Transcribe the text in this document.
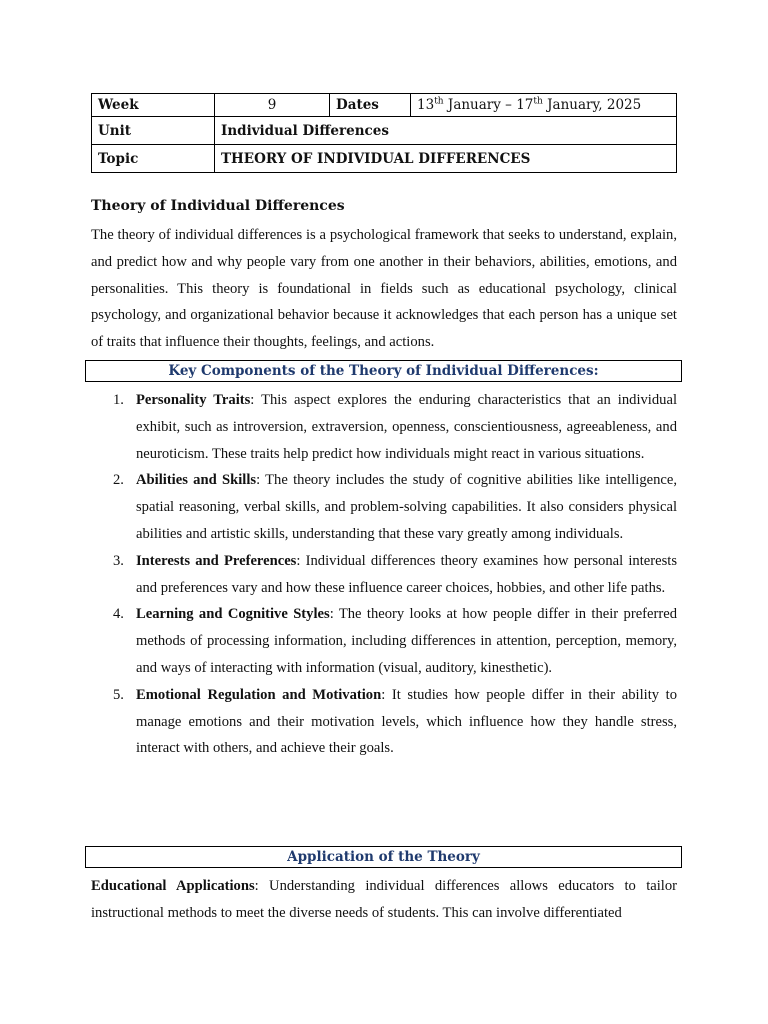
Week	9	Dates	13th January – 17th January, 2025
Unit	Individual Differences		
Topic	THEORY OF INDIVIDUAL DIFFERENCES		
Theory of Individual Differences

The theory of individual differences is a psychological framework that seeks to understand, explain, and predict how and why people vary from one another in their behaviors, abilities, emotions, and personalities. This theory is foundational in fields such as educational psychology, clinical psychology, and organizational behavior because it acknowledges that each person has a unique set of traits that influence their thoughts, feelings, and actions.

Key Components of the Theory of Individual Differences:
1. Personality Traits: This aspect explores the enduring characteristics that an individual exhibit, such as introversion, extraversion, openness, conscientiousness, agreeableness, and neuroticism. These traits help predict how individuals might react in various situations.
2. Abilities and Skills: The theory includes the study of cognitive abilities like intelligence, spatial reasoning, verbal skills, and problem-solving capabilities. It also considers physical abilities and artistic skills, understanding that these vary greatly among individuals.
3. Interests and Preferences: Individual differences theory examines how personal interests and preferences vary and how these influence career choices, hobbies, and other life paths.
4. Learning and Cognitive Styles: The theory looks at how people differ in their preferred methods of processing information, including differences in attention, perception, memory, and ways of interacting with information (visual, auditory, kinesthetic).
5. Emotional Regulation and Motivation: It studies how people differ in their ability to manage emotions and their motivation levels, which influence how they handle stress, interact with others, and achieve their goals.
Application of the Theory

Educational Applications: Understanding individual differences allows educators to tailor instructional methods to meet the diverse needs of students. This can involve differentiated
